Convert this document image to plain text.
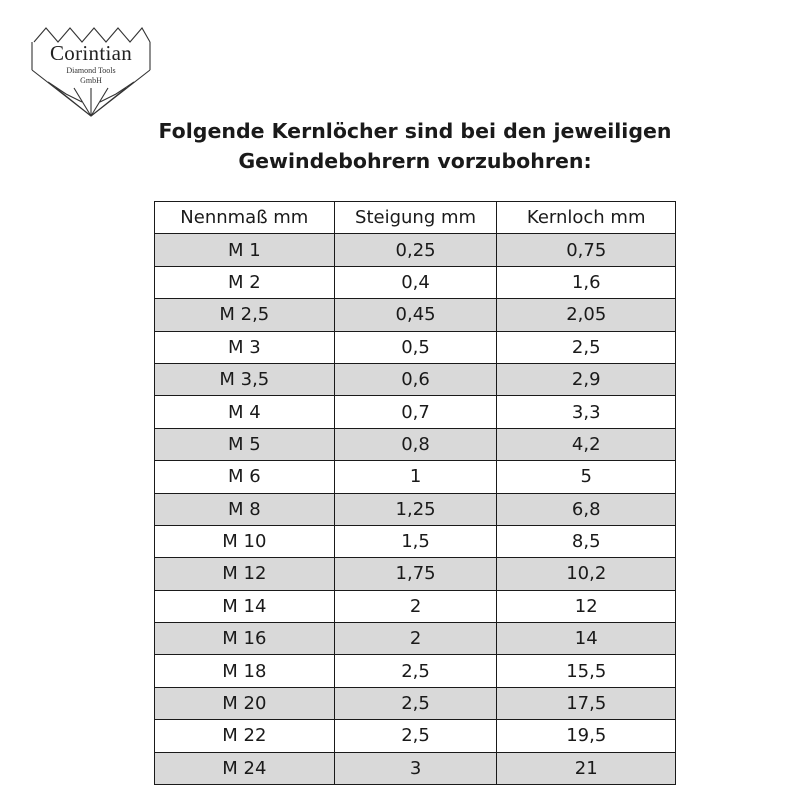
Corintian
Diamond Tools
GmbH
Folgende Kernlöcher sind bei den jeweiligen
Gewindebohrern vorzubohren:
Nennmaß mm	Steigung mm	Kernloch mm
M 1	0,25	0,75
M 2	0,4	1,6
M 2,5	0,45	2,05
M 3	0,5	2,5
M 3,5	0,6	2,9
M 4	0,7	3,3
M 5	0,8	4,2
M 6	1	5
M 8	1,25	6,8
M 10	1,5	8,5
M 12	1,75	10,2
M 14	2	12
M 16	2	14
M 18	2,5	15,5
M 20	2,5	17,5
M 22	2,5	19,5
M 24	3	21
